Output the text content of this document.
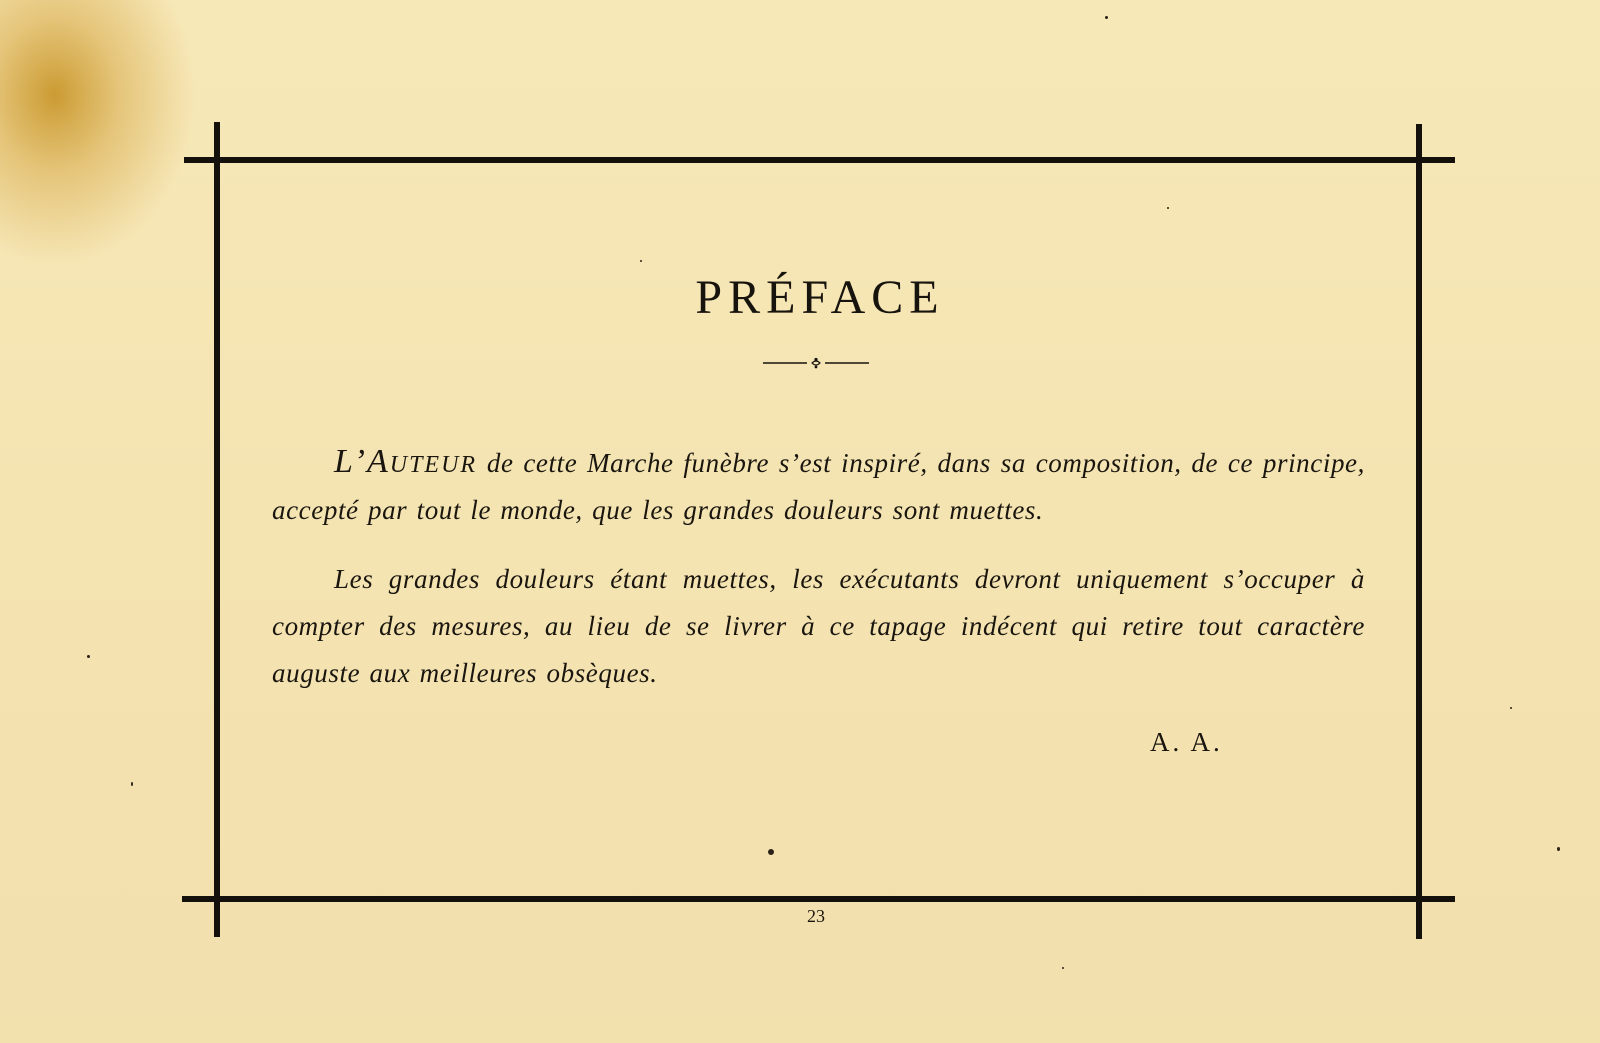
PRÉFACE
L’Auteur de cette Marche funèbre s’est inspiré, dans sa composition, de ce principe, accepté par tout le monde, que les grandes douleurs sont muettes.
Les grandes douleurs étant muettes, les exécutants devront uniquement s’occuper à compter des mesures, au lieu de se livrer à ce tapage indécent qui retire tout caractère auguste aux meilleures obsèques.
A. A.
23
